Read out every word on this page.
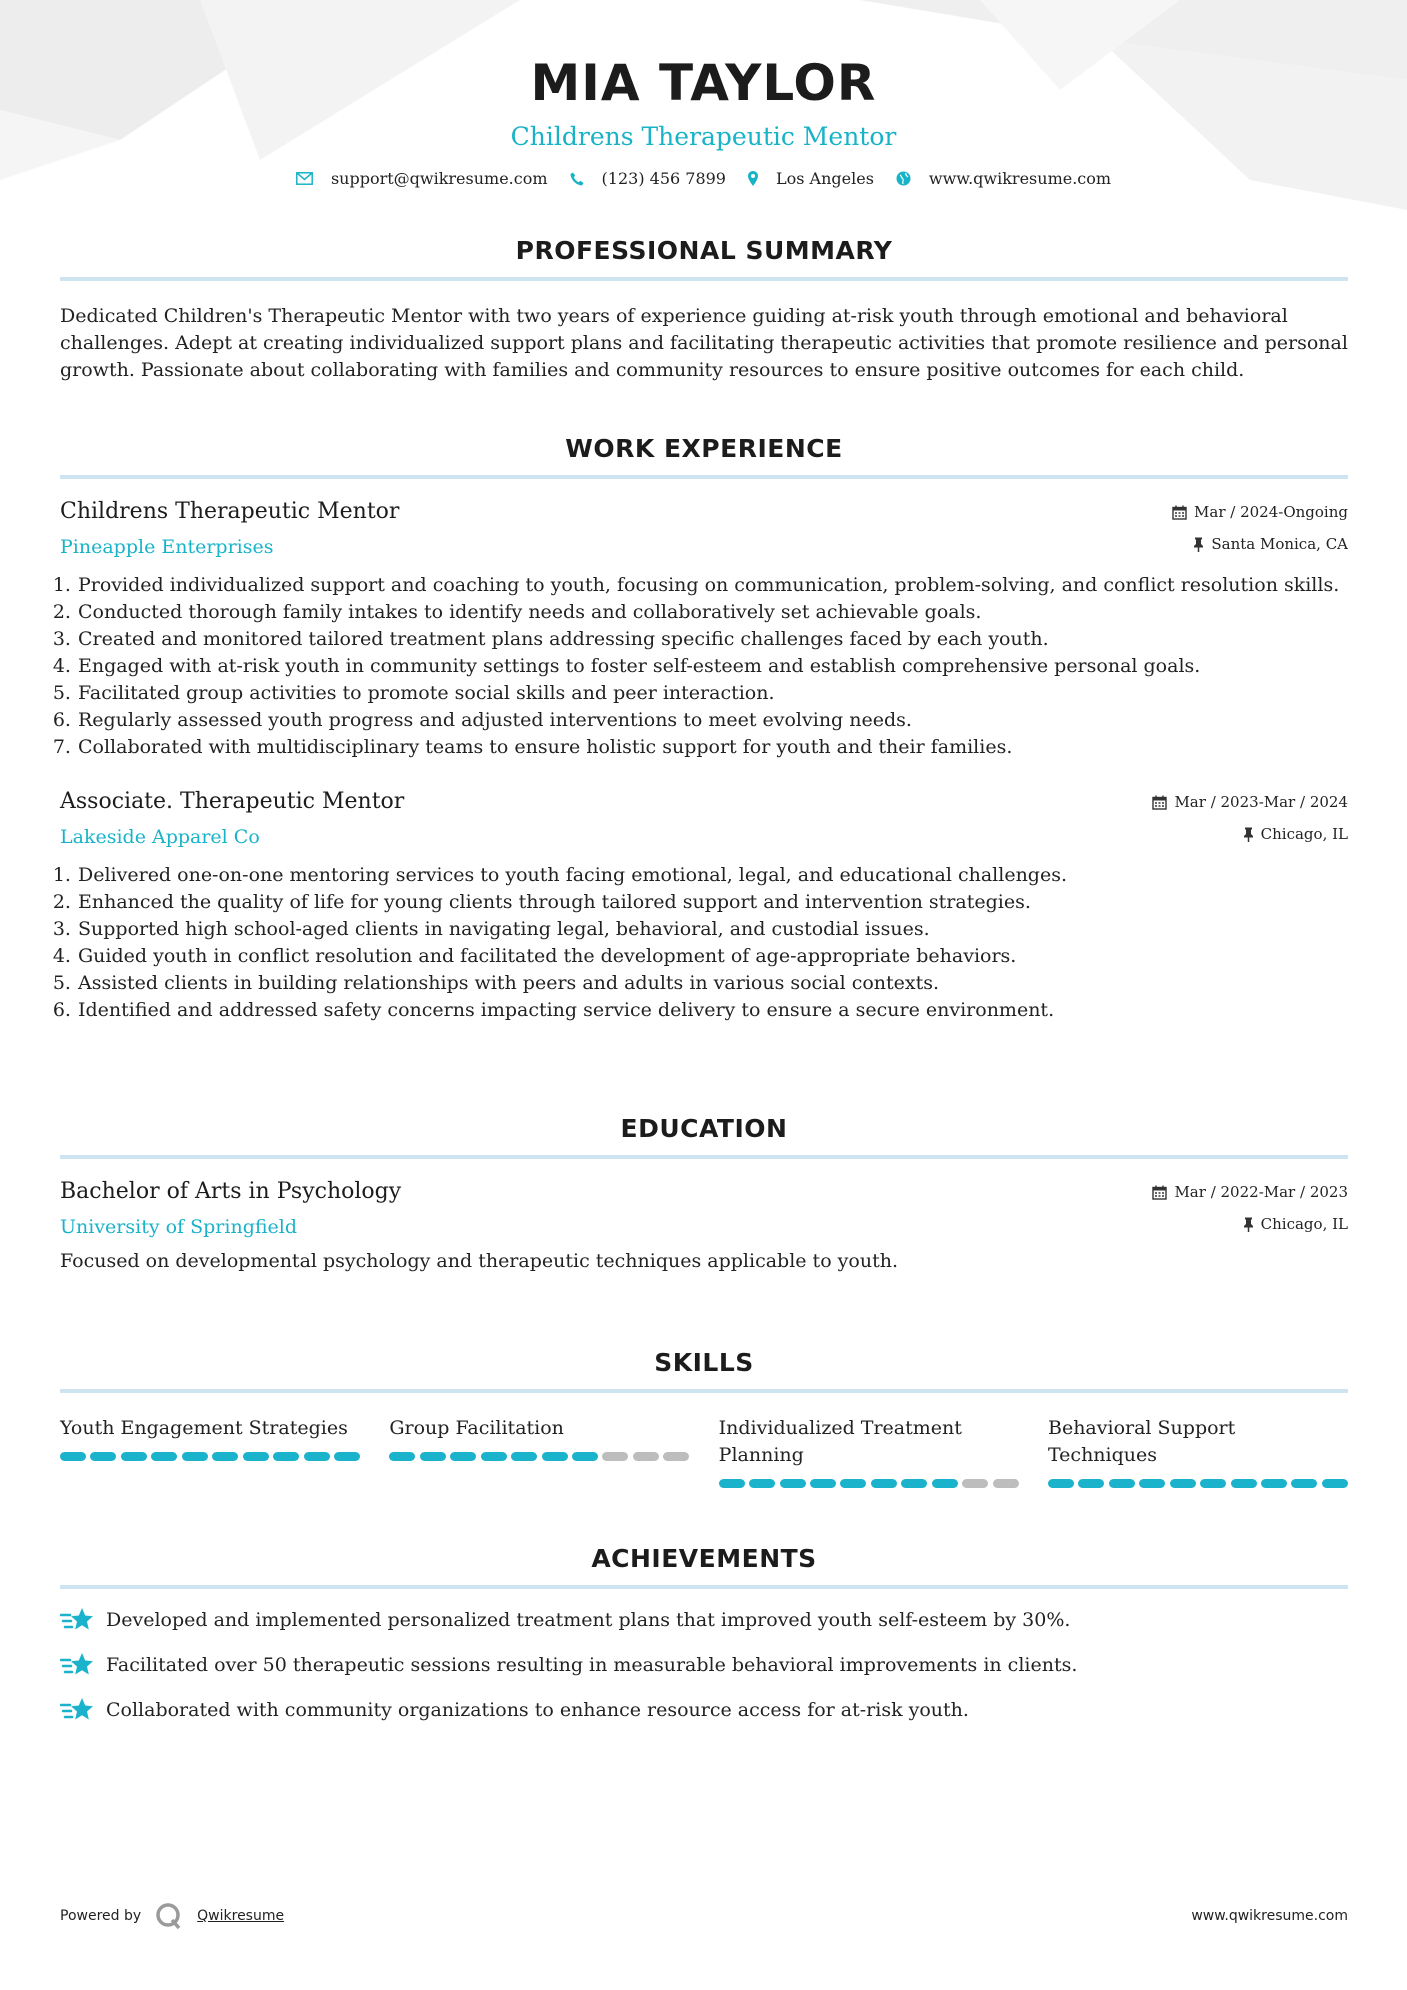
MIA TAYLOR
Childrens Therapeutic Mentor
support@qwikresume.com	(123) 456 7899	Los Angeles	www.qwikresume.com
PROFESSIONAL SUMMARY
Dedicated Children's Therapeutic Mentor with two years of experience guiding at-risk youth through emotional and behavioral challenges. Adept at creating individualized support plans and facilitating therapeutic activities that promote resilience and personal growth. Passionate about collaborating with families and community resources to ensure positive outcomes for each child.
WORK EXPERIENCE
Childrens Therapeutic Mentor
Pineapple Enterprises
Mar / 2024-Ongoing
Santa Monica, CA
1. Provided individualized support and coaching to youth, focusing on communication, problem-solving, and conflict resolution skills.
2. Conducted thorough family intakes to identify needs and collaboratively set achievable goals.
3. Created and monitored tailored treatment plans addressing specific challenges faced by each youth.
4. Engaged with at-risk youth in community settings to foster self-esteem and establish comprehensive personal goals.
5. Facilitated group activities to promote social skills and peer interaction.
6. Regularly assessed youth progress and adjusted interventions to meet evolving needs.
7. Collaborated with multidisciplinary teams to ensure holistic support for youth and their families.
Associate. Therapeutic Mentor
Lakeside Apparel Co
Mar / 2023-Mar / 2024
Chicago, IL
1. Delivered one-on-one mentoring services to youth facing emotional, legal, and educational challenges.
2. Enhanced the quality of life for young clients through tailored support and intervention strategies.
3. Supported high school-aged clients in navigating legal, behavioral, and custodial issues.
4. Guided youth in conflict resolution and facilitated the development of age-appropriate behaviors.
5. Assisted clients in building relationships with peers and adults in various social contexts.
6. Identified and addressed safety concerns impacting service delivery to ensure a secure environment.
EDUCATION
Bachelor of Arts in Psychology
University of Springfield
Mar / 2022-Mar / 2023
Chicago, IL
Focused on developmental psychology and therapeutic techniques applicable to youth.
SKILLS
Youth Engagement Strategies	Group Facilitation	Individualized Treatment Planning
Behavioral Support Techniques
ACHIEVEMENTS
Developed and implemented personalized treatment plans that improved youth self-esteem by 30%.
Facilitated over 50 therapeutic sessions resulting in measurable behavioral improvements in clients.
Collaborated with community organizations to enhance resource access for at-risk youth.
Powered by	Qwikresume	www.qwikresume.com
